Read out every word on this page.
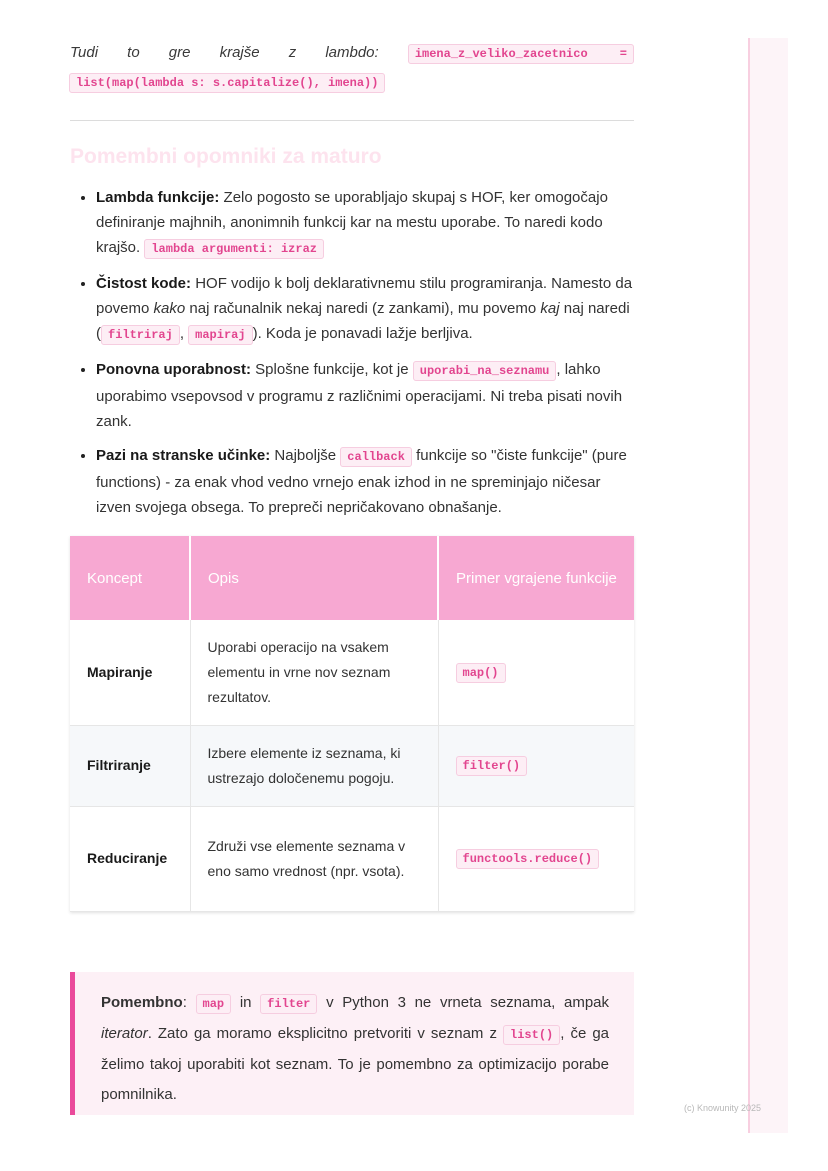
Tudi to gre krajše z lambdo:	imena_z_veliko_zacetnico =

list(map(lambda s: s.capitalize(), imena))

Pomembni opomniki za maturo
• Lambda funkcije: Zelo pogosto se uporabljajo skupaj s HOF, ker omogočajo definiranje majhnih, anonimnih funkcij kar na mestu uporabe. To naredi kodo krajšo. lambda argumenti: izraz
• Čistost kode: HOF vodijo k bolj deklarativnemu stilu programiranja. Namesto da povemo kako naj računalnik nekaj naredi (z zankami), mu povemo kaj naj naredi ( filtriraj , mapiraj ). Koda je ponavadi lažje berljiva.
• Ponovna uporabnost: Splošne funkcije, kot je uporabi_na_seznamu , lahko uporabimo vsepovsod v programu z različnimi operacijami. Ni treba pisati novih zank.
• Pazi na stranske učinke: Najboljše callback funkcije so "čiste funkcije" (pure functions) - za enak vhod vedno vrnejo enak izhod in ne spreminjajo ničesar izven svojega obsega. To prepreči nepričakovano obnašanje.
Koncept	Opis	Primer vgrajene funkcije
Mapiranje	Uporabi operacijo na vsakem elementu in vrne nov seznam rezultatov.	map()
Filtriranje	Izbere elemente iz seznama, ki ustrezajo določenemu pogoju.	filter()
Reduciranje	Združi vse elemente seznama v eno samo vrednost (npr. vsota).	functools.reduce()

Pomembno: map in filter v Python 3 ne vrneta seznama, ampak iterator. Zato ga moramo eksplicitno pretvoriti v seznam z list() , če ga želimo takoj uporabiti kot seznam. To je pomembno za optimizacijo porabe pomnilnika.

(c) Knowunity 2025
